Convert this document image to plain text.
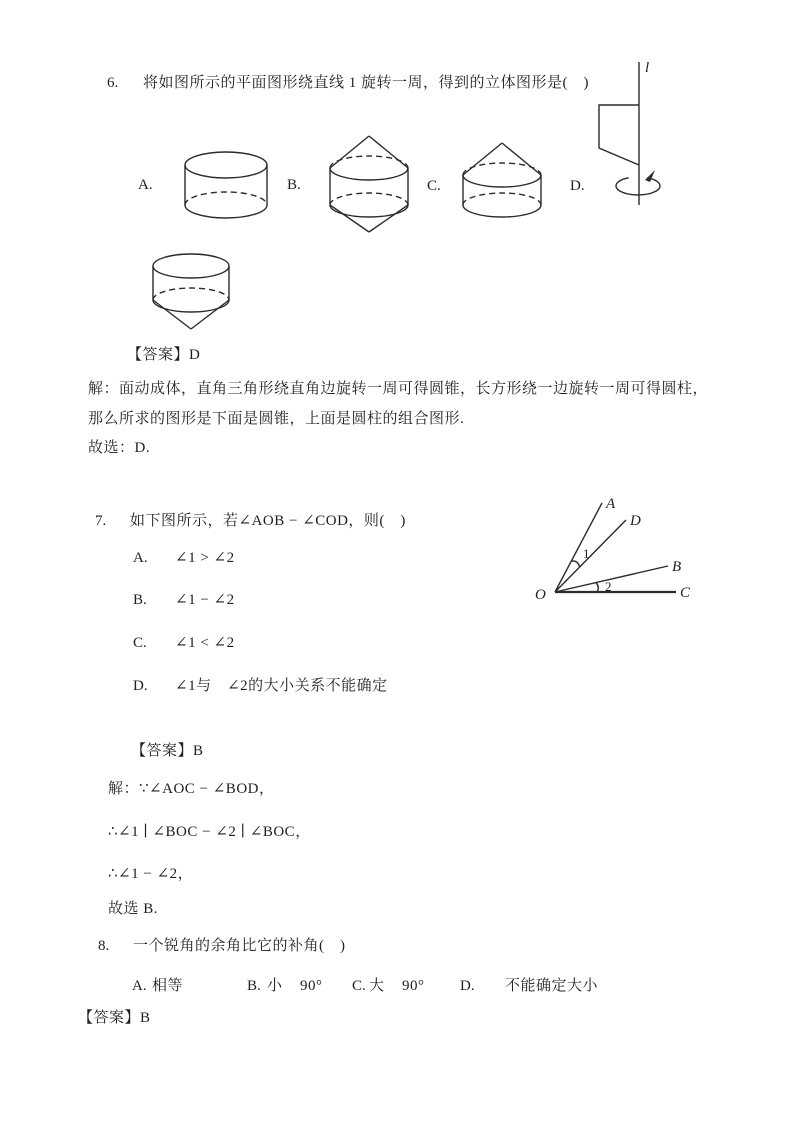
6. 将如图所示的平面图形绕直线 1 旋转一周，得到的立体图形是(　)
l
A.	B.	C.	D.
【答案】D
解：面动成体，直角三角形绕直角边旋转一周可得圆锥，长方形绕一边旋转一周可得圆柱，
那么所求的图形是下面是圆锥，上面是圆柱的组合图形.
故选：D.
7. 如下图所示，若∠AOB − ∠COD，则(　)
A
D
B
C
O
1
2
A. ∠1 > ∠2
B. ∠1 − ∠2
C. ∠1 < ∠2
D. ∠1与　∠2的大小关系不能确定
【答案】B
解：∵∠AOC − ∠BOD，
∴∠1 ∣ ∠BOC − ∠2 ∣ ∠BOC，
∴∠1 − ∠2，
故选 B.
8. 一个锐角的余角比它的补角(　)
A. 相等	B. 小 90° C. 大 90° D. 不能确定大小
【答案】B
